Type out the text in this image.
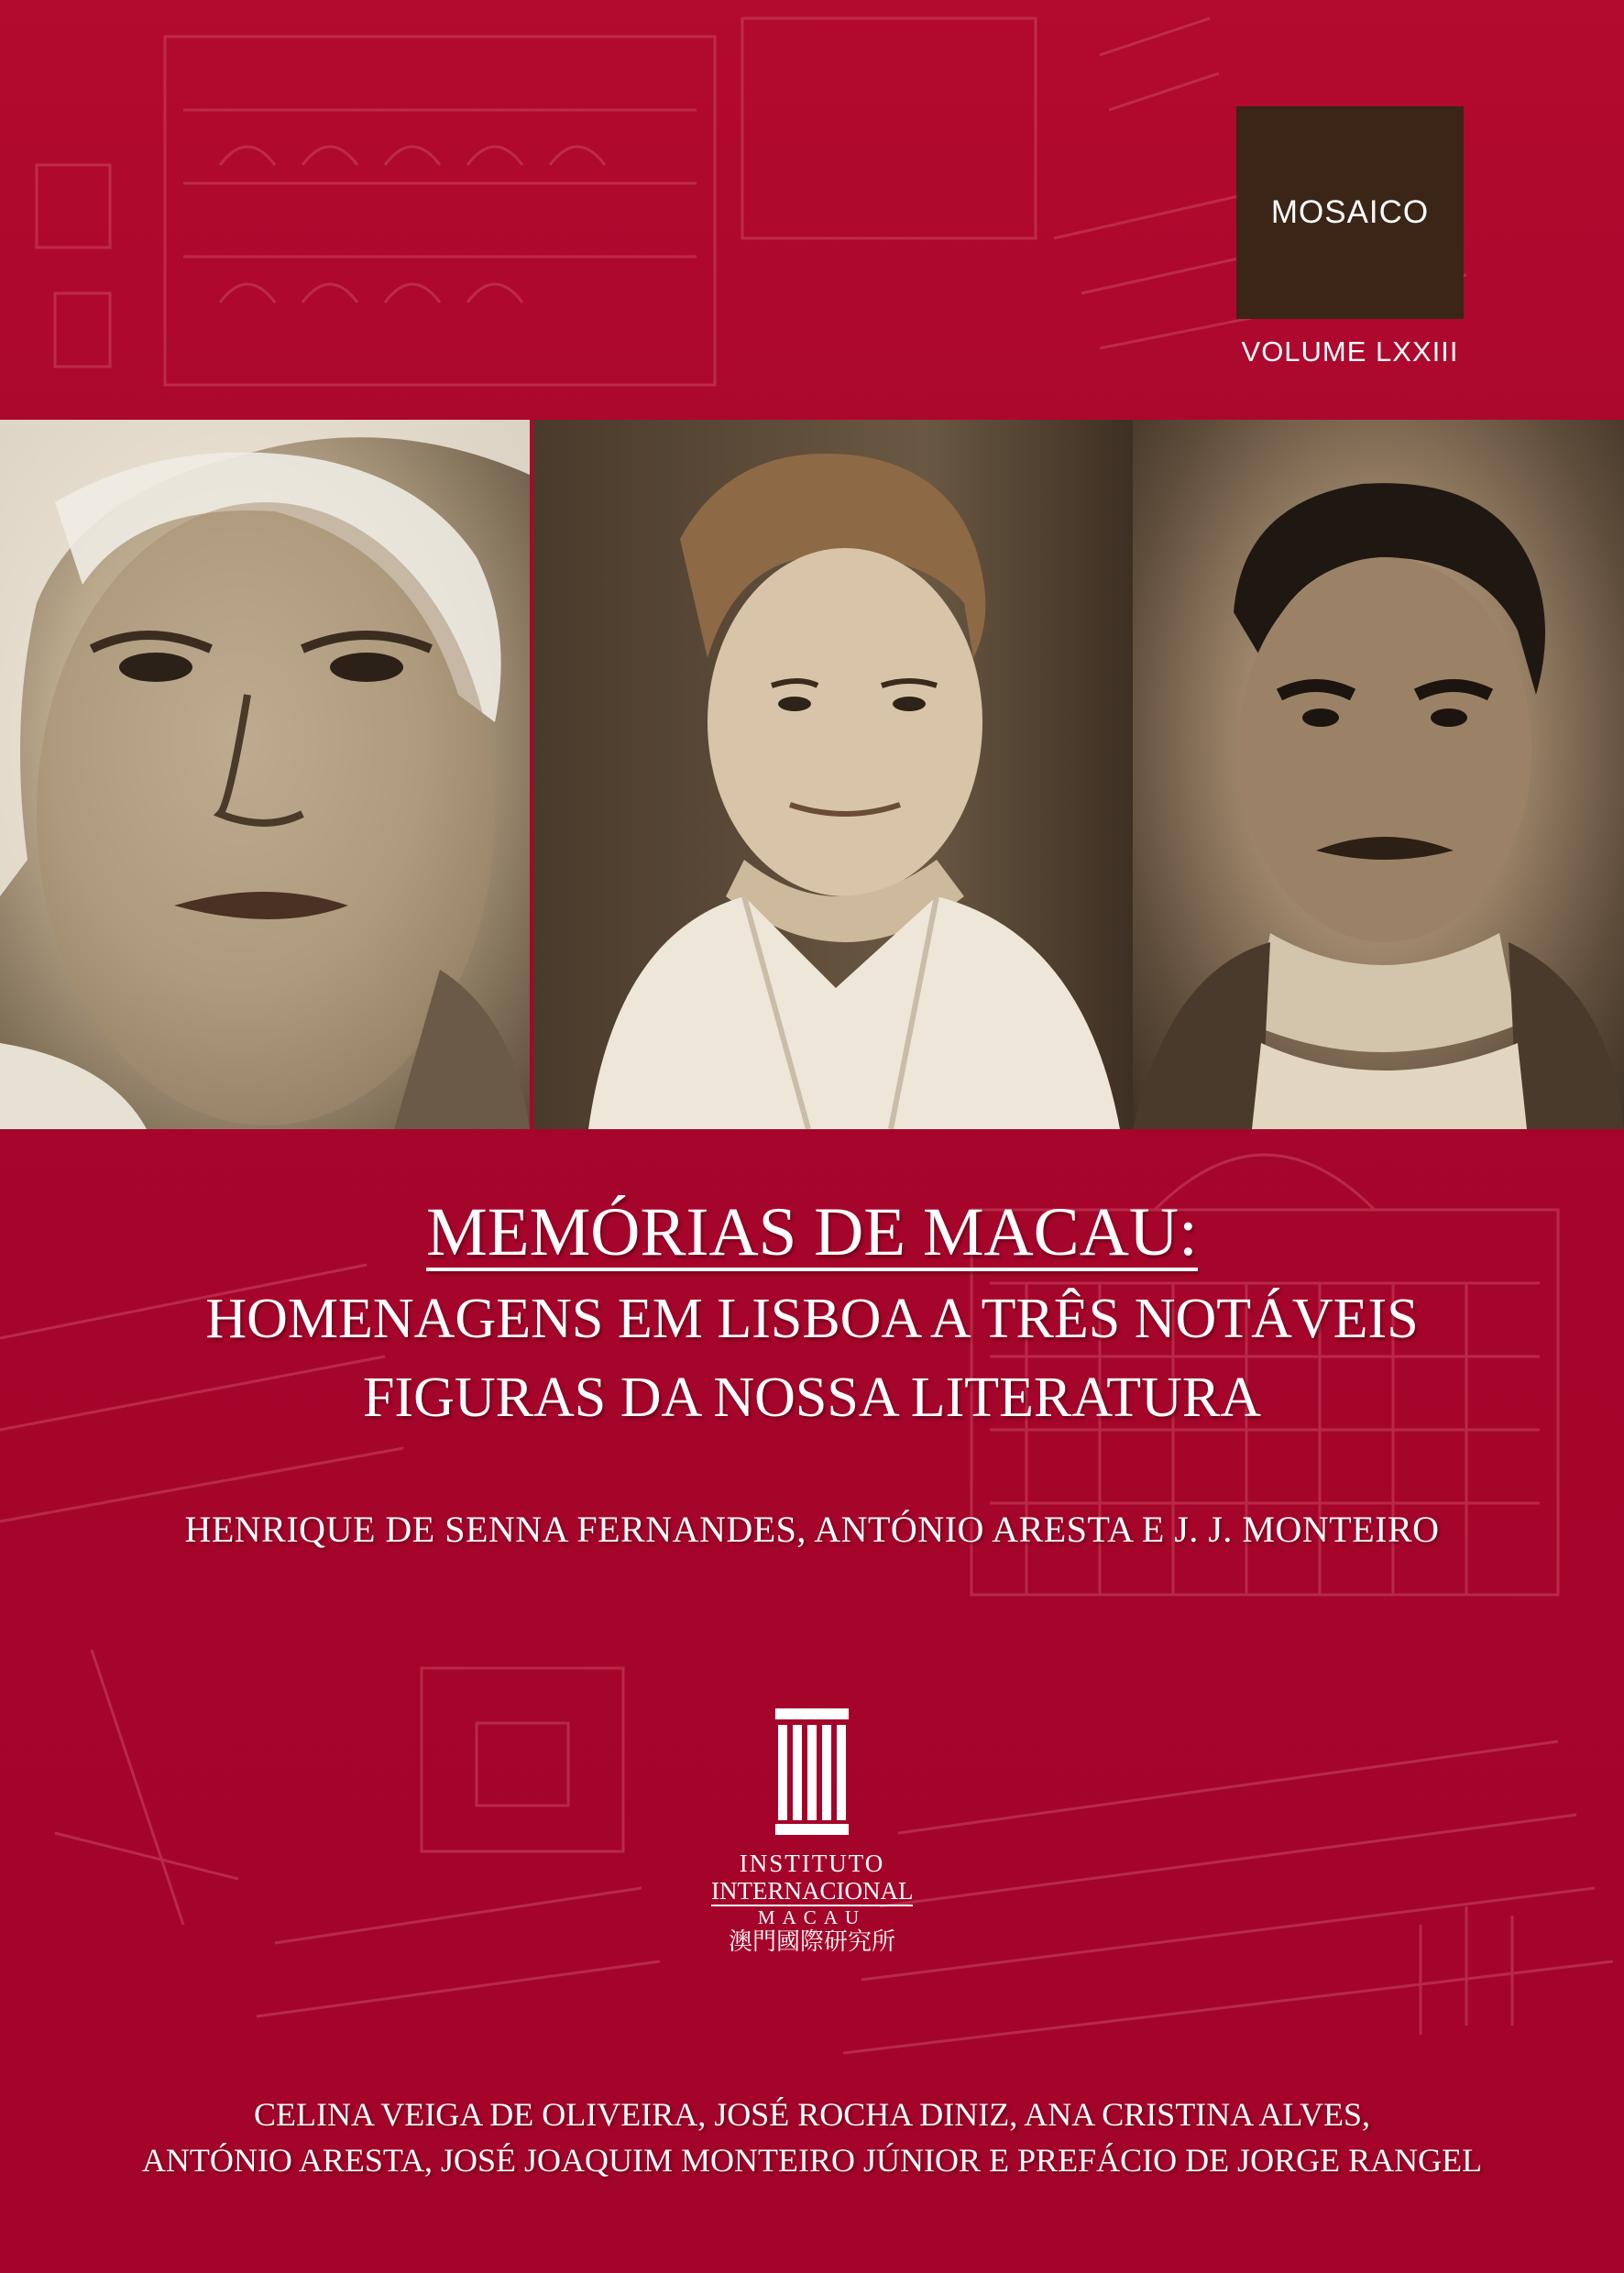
MOSAICO
VOLUME LXXIII
MEMÓRIAS DE MACAU:
HOMENAGENS EM LISBOA A TRÊS NOTÁVEIS
FIGURAS DA NOSSA LITERATURA
HENRIQUE DE SENNA FERNANDES, ANTÓNIO ARESTA E J. J. MONTEIRO
INSTITUTO
INTERNACIONAL
MACAU
澳門國際研究所
CELINA VEIGA DE OLIVEIRA, JOSÉ ROCHA DINIZ, ANA CRISTINA ALVES,
ANTÓNIO ARESTA, JOSÉ JOAQUIM MONTEIRO JÚNIOR E PREFÁCIO DE JORGE RANGEL
